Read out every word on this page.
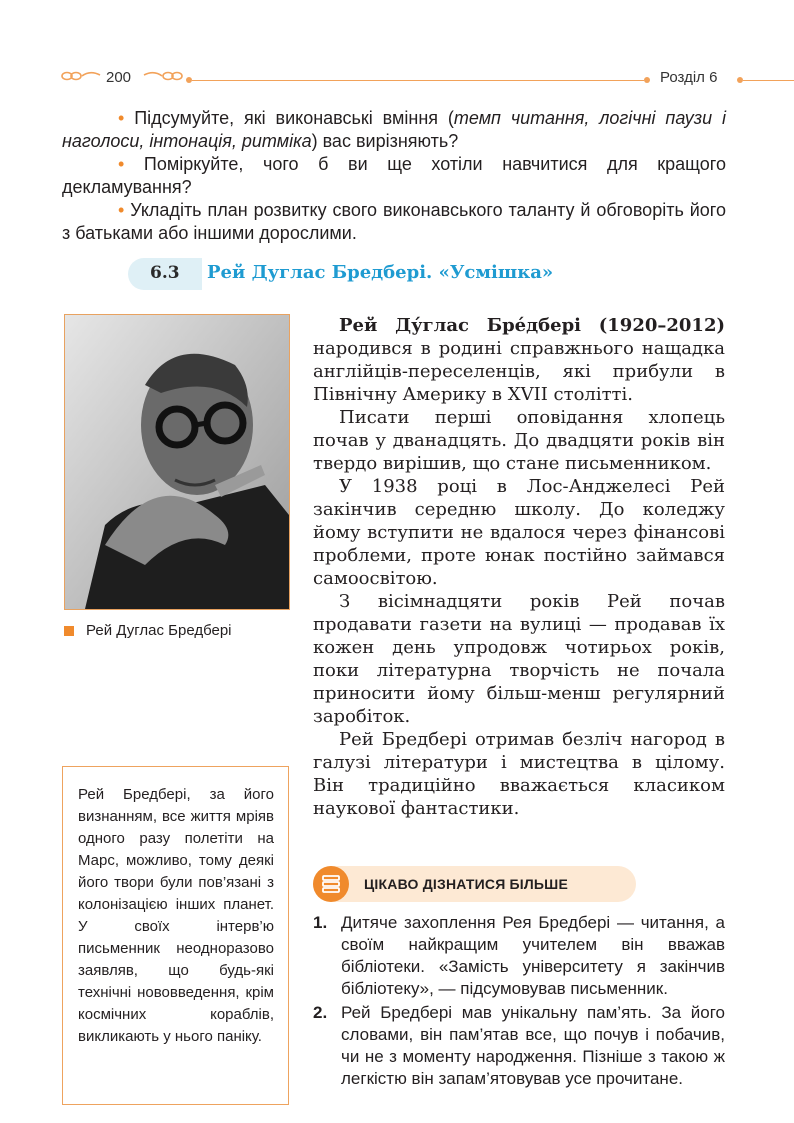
200	Розділ 6

• Підсумуйте, які виконавські вміння (темп читання, логічні паузи і наголоси, інтонація, ритміка) вас вирізняють?

• Поміркуйте, чого б ви ще хотіли навчитися для кращого декламування?

• Укладіть план розвитку свого виконавського таланту й обговоріть його з батьками або іншими дорослими.

6.3 Рей Дуглас Бредбері. «Усмішка»
Рей Дуглас Бредбері

Рей Ду́глас Бре́дбері (1920–2012) народився в родині справжнього нащадка англійців-переселенців, які прибули в Північну Америку в XVII столітті.

Писати перші оповідання хлопець почав у дванадцять. До двадцяти років він твердо вирішив, що стане письменником.

У 1938 році в Лос-Анджелесі Рей закінчив середню школу. До коледжу йому вступити не вдалося через фінансові проблеми, проте юнак постійно займався самоосвітою.

З вісімнадцяти років Рей почав продавати газети на вулиці — продавав їх кожен день упродовж чотирьох років, поки літературна творчість не почала приносити йому більш-менш регулярний заробіток.

Рей Бредбері отримав безліч нагород в галузі літератури і мистецтва в цілому. Він традиційно вважається класиком наукової фантастики.

Рей Бредбері, за його визнанням, все життя мріяв одного разу полетіти на Марс, можливо, тому деякі його твори були пов’язані з колонізацією інших планет. У своїх інтерв’ю письменник неодноразово заявляв, що будь-які технічні нововведення, крім космічних кораблів, викликають у нього паніку.
ЦІКАВО ДІЗНАТИСЯ БІЛЬШЕ
1. Дитяче захоплення Рея Бредбері — читання, а своїм найкращим учителем він вважав бібліотеки. «Замість університету я закінчив бібліотеку», — підсумовував письменник.
2. Рей Бредбері мав унікальну пам’ять. За його словами, він пам’ятав все, що почув і побачив, чи не з моменту народження. Пізніше з такою ж легкістю він запам’ятовував усе прочитане.
